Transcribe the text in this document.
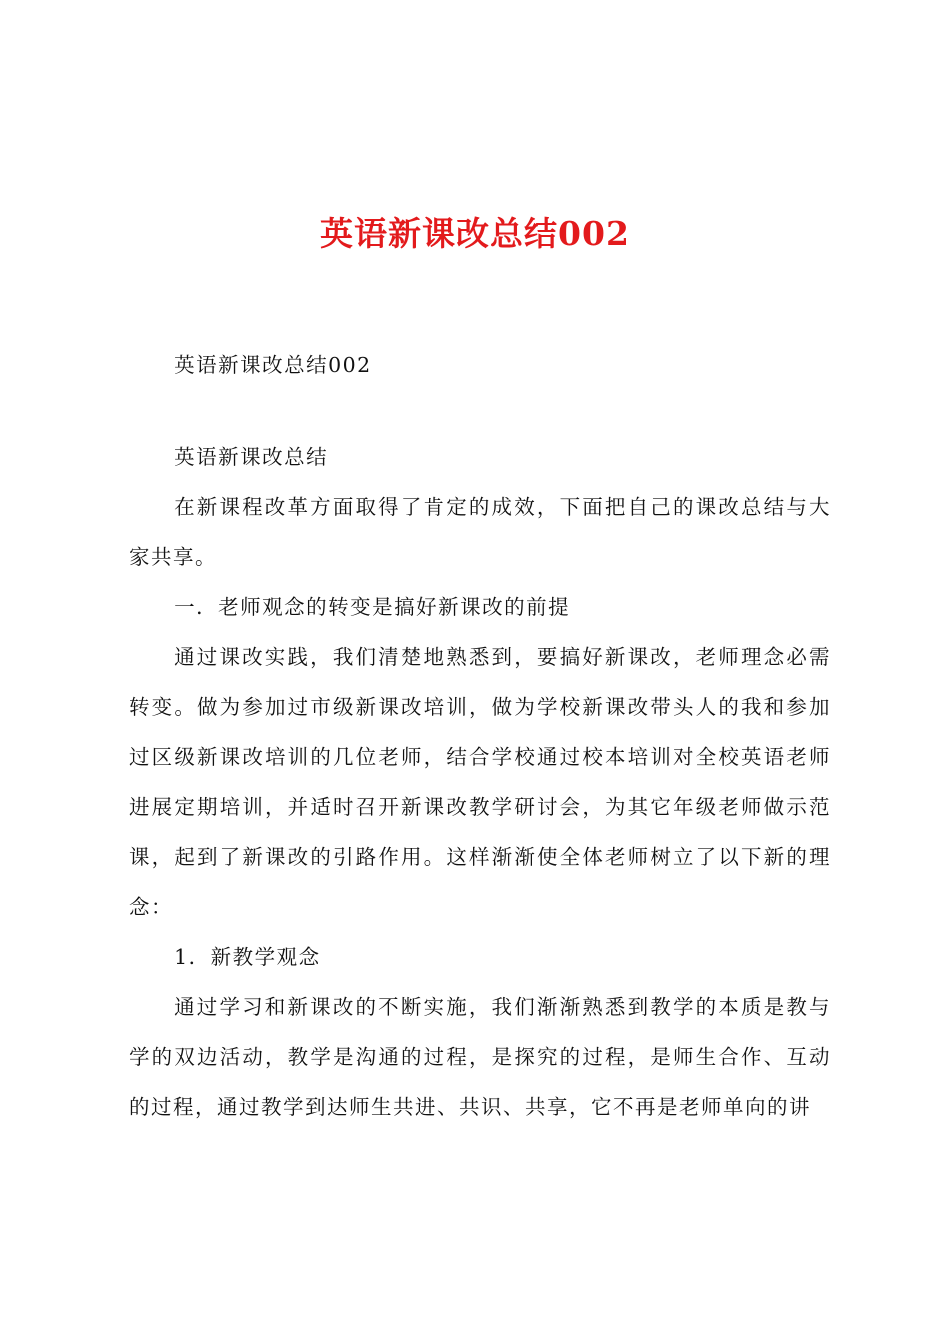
英语新课改总结002

英语新课改总结002

英语新课改总结

在新课程改革方面取得了肯定的成效，下面把自己的课改总结与大家共享。

一．老师观念的转变是搞好新课改的前提

通过课改实践，我们清楚地熟悉到，要搞好新课改，老师理念必需转变。做为参加过市级新课改培训，做为学校新课改带头人的我和参加过区级新课改培训的几位老师，结合学校通过校本培训对全校英语老师进展定期培训，并适时召开新课改教学研讨会，为其它年级老师做示范课，起到了新课改的引路作用。这样渐渐使全体老师树立了以下新的理念：

1．新教学观念

通过学习和新课改的不断实施，我们渐渐熟悉到教学的本质是教与学的双边活动，教学是沟通的过程，是探究的过程，是师生合作、互动的过程，通过教学到达师生共进、共识、共享，它不再是老师单向的讲
